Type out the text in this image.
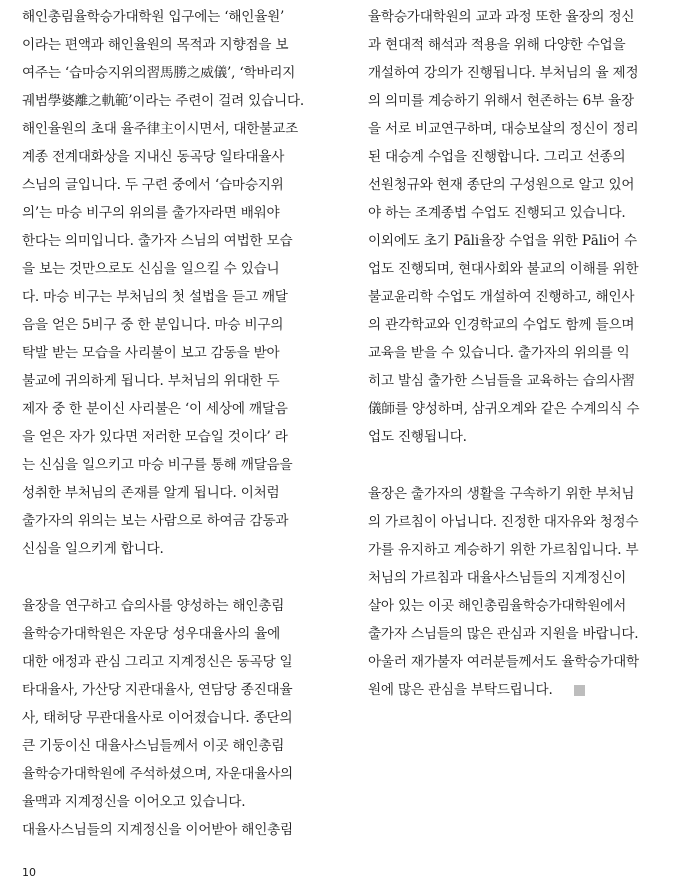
해인총림율학승가대학원 입구에는 ‘해인율원’
이라는 편액과 해인율원의 목적과 지향점을 보
여주는 ‘습마승지위의習馬勝之威儀’, ‘학바리지
궤범學婆離之軌範’이라는 주련이 걸려 있습니다.
해인율원의 초대 율주律主이시면서, 대한불교조
계종 전계대화상을 지내신 동곡당 일타대율사
스님의 글입니다. 두 구련 중에서 ‘습마승지위
의’는 마승 비구의 위의를 출가자라면 배워야
한다는 의미입니다. 출가자 스님의 여법한 모습
을 보는 것만으로도 신심을 일으킬 수 있습니
다. 마승 비구는 부처님의 첫 설법을 듣고 깨달
음을 얻은 5비구 중 한 분입니다. 마승 비구의
탁발 받는 모습을 사리불이 보고 감동을 받아
불교에 귀의하게 됩니다. 부처님의 위대한 두
제자 중 한 분이신 사리불은 ‘이 세상에 깨달음
을 얻은 자가 있다면 저러한 모습일 것이다’ 라
는 신심을 일으키고 마승 비구를 통해 깨달음을
성취한 부처님의 존재를 알게 됩니다. 이처럼
출가자의 위의는 보는 사람으로 하여금 감동과
신심을 일으키게 합니다.
율장을 연구하고 습의사를 양성하는 해인총림
율학승가대학원은 자운당 성우대율사의 율에
대한 애정과 관심 그리고 지계정신은 동곡당 일
타대율사, 가산당 지관대율사, 연담당 종진대율
사, 태허당 무관대율사로 이어졌습니다. 종단의
큰 기둥이신 대율사스님들께서 이곳 해인총림
율학승가대학원에 주석하셨으며, 자운대율사의
율맥과 지계정신을 이어오고 있습니다.
대율사스님들의 지계정신을 이어받아 해인총림
율학승가대학원의 교과 과정 또한 율장의 정신
과 현대적 해석과 적용을 위해 다양한 수업을
개설하여 강의가 진행됩니다. 부처님의 율 제정
의 의미를 계승하기 위해서 현존하는 6부 율장
을 서로 비교연구하며, 대승보살의 정신이 정리
된 대승계 수업을 진행합니다. 그리고 선종의
선원청규와 현재 종단의 구성원으로 알고 있어
야 하는 조계종법 수업도 진행되고 있습니다.
이외에도 초기 Pāli율장 수업을 위한 Pāli어 수
업도 진행되며, 현대사회와 불교의 이해를 위한
불교윤리학 수업도 개설하여 진행하고, 해인사
의 관각학교와 인경학교의 수업도 함께 들으며
교육을 받을 수 있습니다. 출가자의 위의를 익
히고 발심 출가한 스님들을 교육하는 습의사習
儀師를 양성하며, 삼귀오계와 같은 수계의식 수
업도 진행됩니다.
율장은 출가자의 생활을 구속하기 위한 부처님
의 가르침이 아닙니다. 진정한 대자유와 청정수
가를 유지하고 계승하기 위한 가르침입니다. 부
처님의 가르침과 대율사스님들의 지계정신이
살아 있는 이곳 해인총림율학승가대학원에서
출가자 스님들의 많은 관심과 지원을 바랍니다.
아울러 재가불자 여러분들께서도 율학승가대학
원에 많은 관심을 부탁드립니다.
10
